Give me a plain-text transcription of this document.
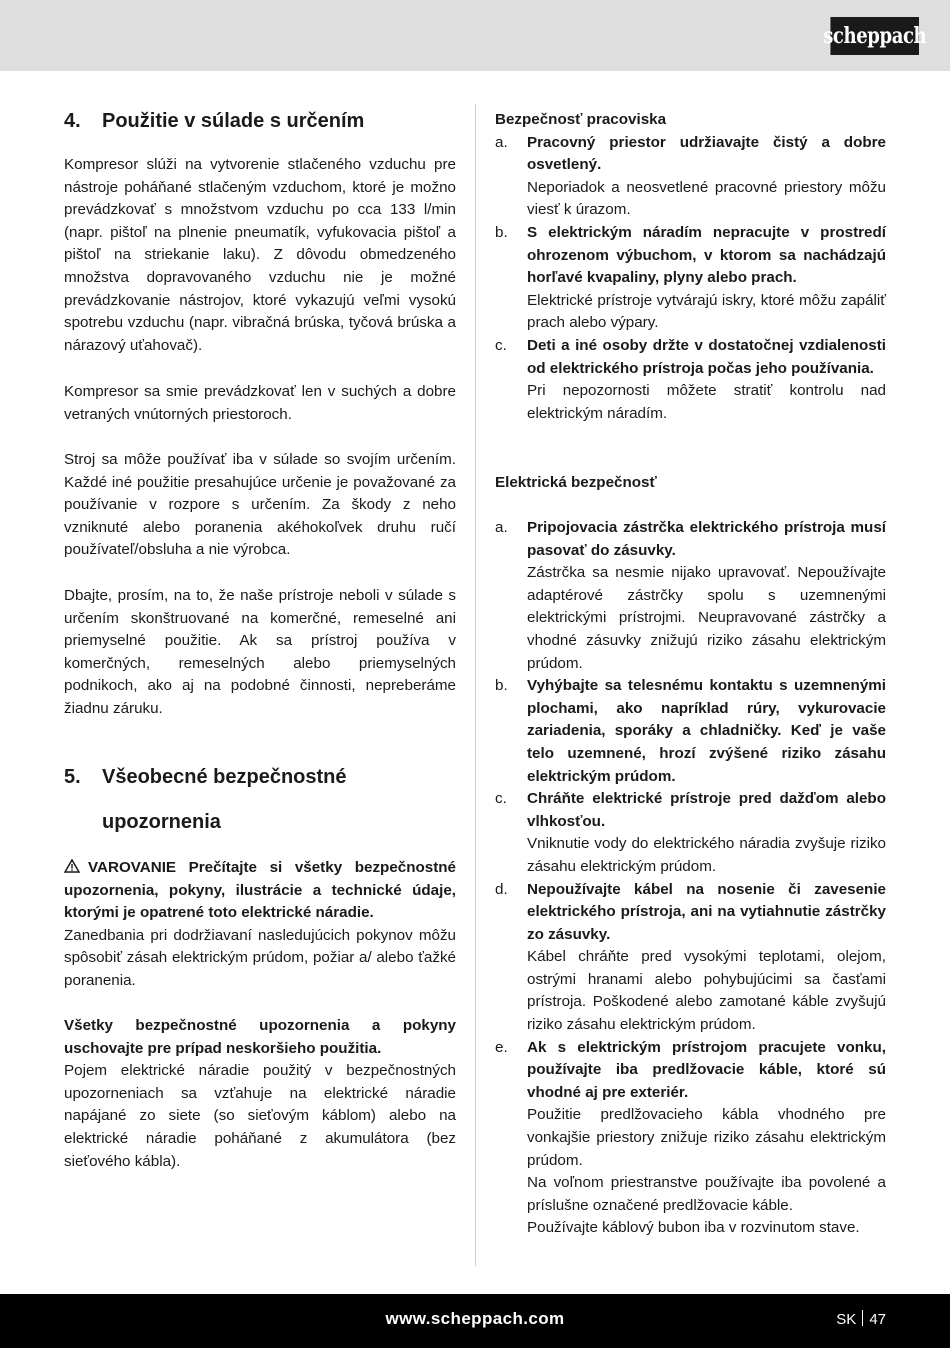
scheppach
4. Použitie v súlade s určením

Kompresor slúži na vytvorenie stlačeného vzduchu pre nástroje poháňané stlačeným vzduchom, ktoré je možno prevádzkovať s množstvom vzduchu po cca 133 l/min (napr. pištoľ na plnenie pneumatík, vyfukovacia pištoľ a pištoľ na striekanie laku). Z dôvodu obmedzeného množstva dopravovaného vzduchu nie je možné prevádzkovanie nástrojov, ktoré vykazujú veľmi vysokú spotrebu vzduchu (napr. vibračná brúska, tyčová brúska a nárazový uťahovač).

Kompresor sa smie prevádzkovať len v suchých a dobre vetraných vnútorných priestoroch.

Stroj sa môže používať iba v súlade so svojím určením. Každé iné použitie presahujúce určenie je považované za používanie v rozpore s určením. Za škody z neho vzniknuté alebo poranenia akéhokoľvek druhu ručí používateľ/obsluha a nie výrobca.

Dbajte, prosím, na to, že naše prístroje neboli v súlade s určením skonštruované na komerčné, remeselné ani priemyselné použitie. Ak sa prístroj používa v komerčných, remeselných alebo priemyselných podnikoch, ako aj na podobné činnosti, nepreberáme žiadnu záruku.

5. Všeobecné bezpečnostné
upozornenia

VAROVANIE Prečítajte si všetky bezpečnostné upozornenia, pokyny, ilustrácie a technické údaje, ktorými je opatrené toto elektrické náradie.

Zanedbania pri dodržiavaní nasledujúcich pokynov môžu spôsobiť zásah elektrickým prúdom, požiar a/ alebo ťažké poranenia.

Všetky bezpečnostné upozornenia a pokyny uschovajte pre prípad neskoršieho použitia.

Pojem elektrické náradie použitý v bezpečnostných upozorneniach sa vzťahuje na elektrické náradie napájané zo siete (so sieťovým káblom) alebo na elektrické náradie poháňané z akumulátora (bez sieťového kábla).

Bezpečnosť pracoviska

a. Pracovný priestor udržiavajte čistý a dobre osvetlený.

Neporiadok a neosvetlené pracovné priestory môžu viesť k úrazom.

b. S elektrickým náradím nepracujte v prostredí ohrozenom výbuchom, v ktorom sa nachádzajú horľavé kvapaliny, plyny alebo prach.

Elektrické prístroje vytvárajú iskry, ktoré môžu zapáliť prach alebo výpary.

c. Deti a iné osoby držte v dostatočnej vzdialenosti od elektrického prístroja počas jeho používania.

Pri nepozornosti môžete stratiť kontrolu nad elektrickým náradím.

Elektrická bezpečnosť

a. Pripojovacia zástrčka elektrického prístroja musí pasovať do zásuvky.

Zástrčka sa nesmie nijako upravovať. Nepoužívajte adaptérové zástrčky spolu s uzemnenými elektrickými prístrojmi. Neupravované zástrčky a vhodné zásuvky znižujú riziko zásahu elektrickým prúdom.

b. Vyhýbajte sa telesnému kontaktu s uzemnenými plochami, ako napríklad rúry, vykurovacie zariadenia, sporáky a chladničky. Keď je vaše telo uzemnené, hrozí zvýšené riziko zásahu elektrickým prúdom.

c. Chráňte elektrické prístroje pred dažďom alebo vlhkosťou.

Vniknutie vody do elektrického náradia zvyšuje riziko zásahu elektrickým prúdom.

d. Nepoužívajte kábel na nosenie či zavesenie elektrického prístroja, ani na vytiahnutie zástrčky zo zásuvky.

Kábel chráňte pred vysokými teplotami, olejom, ostrými hranami alebo pohybujúcimi sa časťami prístroja. Poškodené alebo zamotané káble zvyšujú riziko zásahu elektrickým prúdom.

e. Ak s elektrickým prístrojom pracujete vonku, používajte iba predlžovacie káble, ktoré sú vhodné aj pre exteriér.

Použitie predlžovacieho kábla vhodného pre vonkajšie priestory znižuje riziko zásahu elektrickým prúdom.

Na voľnom priestranstve používajte iba povolené a príslušne označené predlžovacie káble.

Používajte káblový bubon iba v rozvinutom stave.

www.scheppach.com	SK 47
